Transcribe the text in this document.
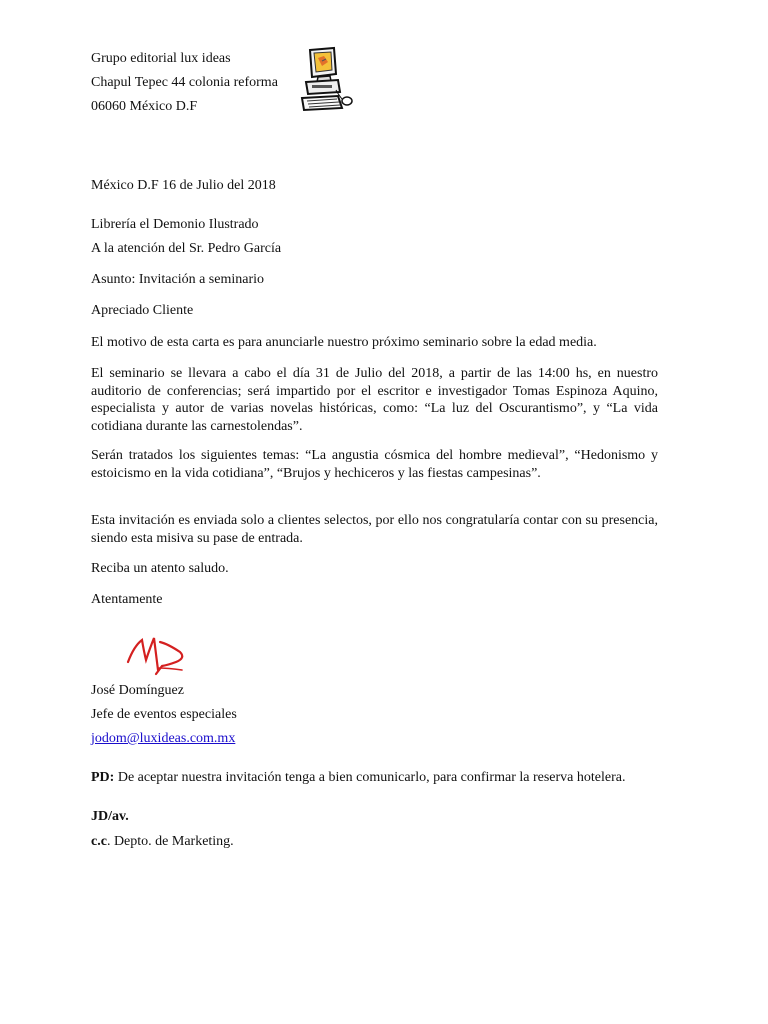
Grupo editorial lux ideas
Chapul Tepec 44 colonia reforma
06060 México D.F
México D.F 16 de Julio del 2018
Librería el Demonio Ilustrado
A la atención del Sr. Pedro García
Asunto: Invitación a seminario
Apreciado Cliente
El motivo de esta carta es para anunciarle nuestro próximo seminario sobre la edad media.
El seminario se llevara a cabo el día 31 de Julio del 2018, a partir de las 14:00 hs, en nuestro auditorio de conferencias; será impartido por el escritor e investigador Tomas Espinoza Aquino, especialista y autor de varias novelas históricas, como: “La luz del Oscurantismo”, y “La vida cotidiana durante las carnestolendas”.
Serán tratados los siguientes temas: “La angustia cósmica del hombre medieval”, “Hedonismo y estoicismo en la vida cotidiana”, “Brujos y hechiceros y las fiestas campesinas”.
Esta invitación es enviada solo a clientes selectos, por ello nos congratularía contar con su presencia, siendo esta misiva su pase de entrada.
Reciba un atento saludo.
Atentamente
José Domínguez
Jefe de eventos especiales
jodom@luxideas.com.mx
PD: De aceptar nuestra invitación tenga a bien comunicarlo, para confirmar la reserva hotelera.
JD/av.
c.c. Depto. de Marketing.
